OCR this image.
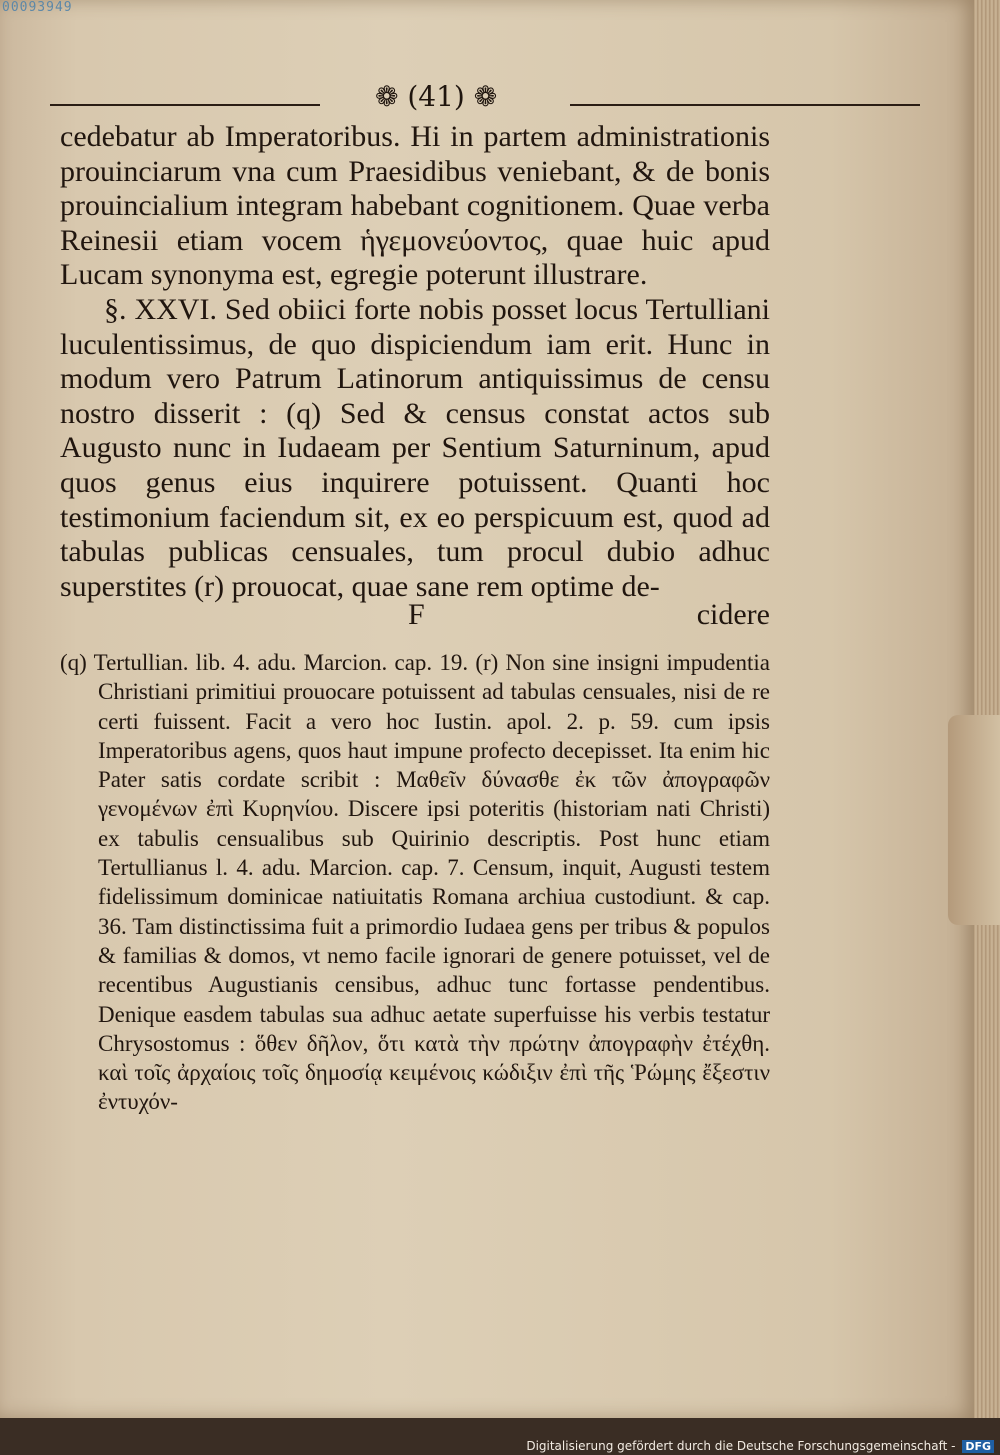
00093949
❁ (41) ❁

cedebatur ab Imperatoribus. Hi in partem administrationis prouinciarum vna cum Praesidibus veniebant, & de bonis prouincialium integram habebant cognitionem. Quae verba Reinesii etiam vocem ἡγεμονεύοντος, quae huic apud Lucam synonyma est, egregie poterunt illustrare.

§. XXVI. Sed obiici forte nobis posset locus Tertulliani luculentissimus, de quo dispiciendum iam erit. Hunc in modum vero Patrum Latinorum antiquissimus de censu nostro disserit : (q) Sed & census constat actos sub Augusto nunc in Iudaeam per Sentium Saturninum, apud quos genus eius inquirere potuissent. Quanti hoc testimonium faciendum sit, ex eo perspicuum est, quod ad tabulas publicas censuales, tum procul dubio adhuc superstites (r) prouocat, quae sane rem optime de-

F	cidere

(q) Tertullian. lib. 4. adu. Marcion. cap. 19. (r) Non sine insigni impudentia Christiani primitiui prouocare potuissent ad tabulas censuales, nisi de re certi fuissent. Facit a vero hoc Iustin. apol. 2. p. 59. cum ipsis Imperatoribus agens, quos haut impune profecto decepisset. Ita enim hic Pater satis cordate scribit : Μαθεῖν δύνασθε ἐκ τῶν ἀπογραφῶν γενομένων ἐπὶ Κυρηνίου. Discere ipsi poteritis (historiam nati Christi) ex tabulis censualibus sub Quirinio descriptis. Post hunc etiam Tertullianus l. 4. adu. Marcion. cap. 7. Censum, inquit, Augusti testem fidelissimum dominicae natiuitatis Romana archiua custodiunt. & cap. 36. Tam distinctissima fuit a primordio Iudaea gens per tribus & populos & familias & domos, vt nemo facile ignorari de genere potuisset, vel de recentibus Augustianis censibus, adhuc tunc fortasse pendentibus. Denique easdem tabulas sua adhuc aetate superfuisse his verbis testatur Chrysostomus : ὅθεν δῆλον, ὅτι κατὰ τὴν πρώτην ἀπογραφὴν ἐτέχθη. καὶ τοῖς ἀρχαίοις τοῖς δημοσίᾳ κειμένοις κώδιξιν ἐπὶ τῆς Ῥώμης ἔξεστιν ἐντυχόν-

Digitalisierung gefördert durch die Deutsche Forschungsgemeinschaft - DFG
